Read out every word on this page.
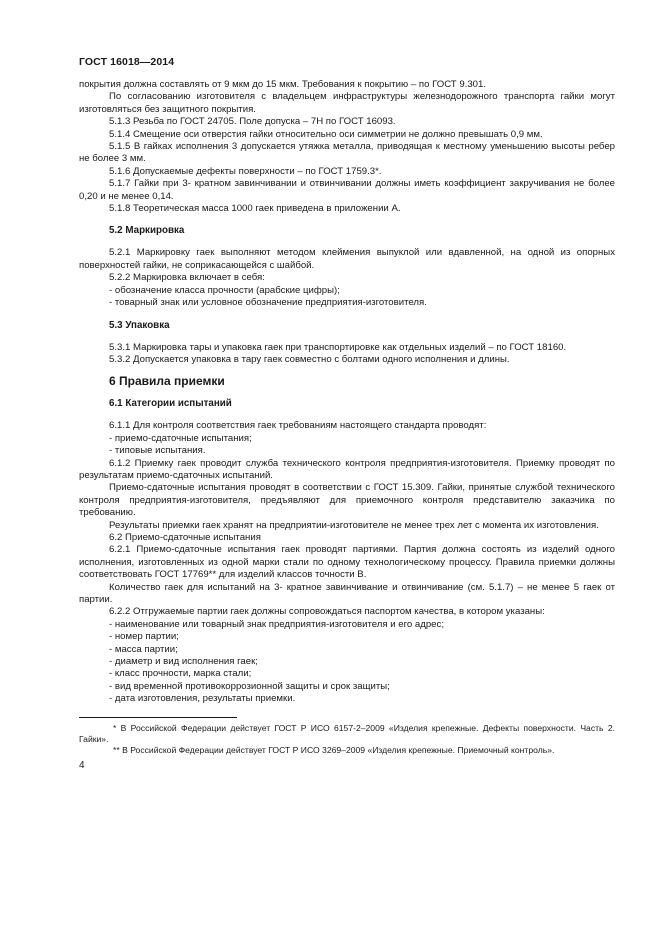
ГОСТ 16018—2014

покрытия должна составлять от 9 мкм до 15 мкм. Требования к покрытию – по ГОСТ 9.301.

По согласованию изготовителя с владельцем инфраструктуры железнодорожного транспорта гайки могут изготовляться без защитного покрытия.

5.1.3 Резьба по ГОСТ 24705. Поле допуска – 7H по ГОСТ 16093.

5.1.4 Смещение оси отверстия гайки относительно оси симметрии не должно превышать 0,9 мм.

5.1.5 В гайках исполнения 3 допускается утяжка металла, приводящая к местному уменьшению высоты ребер не более 3 мм.

5.1.6 Допускаемые дефекты поверхности – по ГОСТ 1759.3*.

5.1.7 Гайки при 3- кратном завинчивании и отвинчивании должны иметь коэффициент закручивания не более 0,20 и не менее 0,14.

5.1.8 Теоретическая масса 1000 гаек приведена в приложении А.

5.2 Маркировка

5.2.1 Маркировку гаек выполняют методом клеймения выпуклой или вдавленной, на одной из опорных поверхностей гайки, не соприкасающейся с шайбой.

5.2.2 Маркировка включает в себя:

- обозначение класса прочности (арабские цифры);

- товарный знак или условное обозначение предприятия-изготовителя.

5.3 Упаковка

5.3.1 Маркировка тары и упаковка гаек при транспортировке как отдельных изделий – по ГОСТ 18160.

5.3.2 Допускается упаковка в тару гаек совместно с болтами одного исполнения и длины.

6 Правила приемки
6.1 Категории испытаний

6.1.1 Для контроля соответствия гаек требованиям настоящего стандарта проводят:

- приемо-сдаточные испытания;

- типовые испытания.

6.1.2 Приемку гаек проводит служба технического контроля предприятия-изготовителя. Приемку проводят по результатам приемо-сдаточных испытаний.

Приемо-сдаточные испытания проводят в соответствии с ГОСТ 15.309. Гайки, принятые службой технического контроля предприятия-изготовителя, предъявляют для приемочного контроля представителю заказчика по требованию.

Результаты приемки гаек хранят на предприятии-изготовителе не менее трех лет с момента их изготовления.

6.2 Приемо-сдаточные испытания

6.2.1 Приемо-сдаточные испытания гаек проводят партиями. Партия должна состоять из изделий одного исполнения, изготовленных из одной марки стали по одному технологическому процессу. Правила приемки должны соответствовать ГОСТ 17769** для изделий классов точности В.

Количество гаек для испытаний на 3- кратное завинчивание и отвинчивание (см. 5.1.7) – не менее 5 гаек от партии.

6.2.2 Отгружаемые партии гаек должны сопровождаться паспортом качества, в котором указаны:

- наименование или товарный знак предприятия-изготовителя и его адрес;

- номер партии;

- масса партии;

- диаметр и вид исполнения гаек;

- класс прочности, марка стали;

- вид временной противокоррозионной защиты и срок защиты;

- дата изготовления, результаты приемки.

* В Российской Федерации действует ГОСТ Р ИСО 6157-2–2009 «Изделия крепежные. Дефекты поверхности. Часть 2. Гайки».

** В Российской Федерации действует ГОСТ Р ИСО 3269–2009 «Изделия крепежные. Приемочный контроль».

4
